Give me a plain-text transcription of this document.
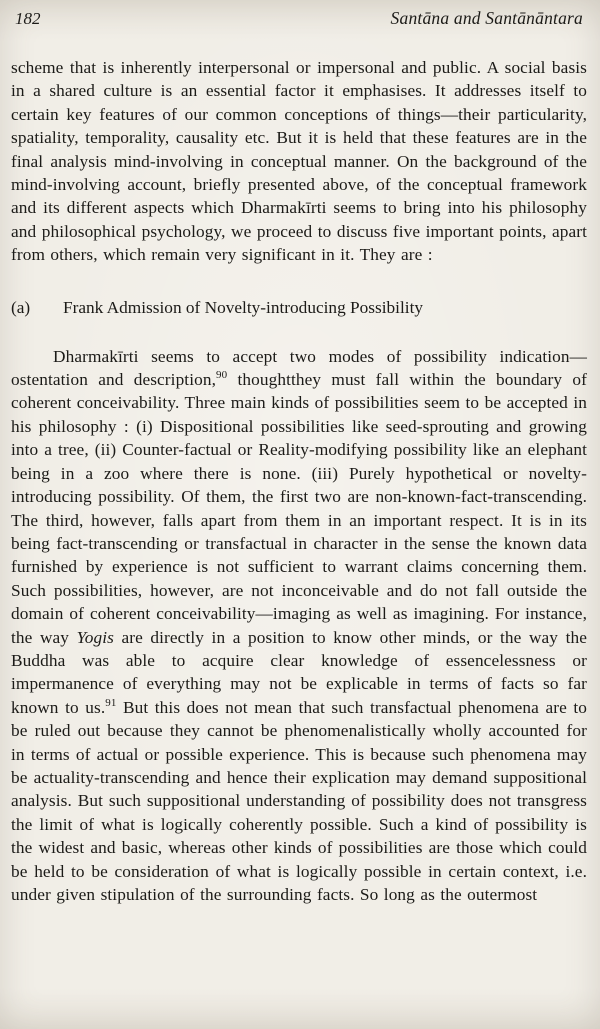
182	Santāna and Santānāntara

scheme that is inherently interpersonal or impersonal and public. A social basis in a shared culture is an essential factor it emphasises. It addresses itself to certain key features of our common conceptions of things—their particularity, spatiality, temporality, causality etc. But it is held that these features are in the final analysis mind-involving in conceptual manner. On the background of the mind-involving account, briefly presented above, of the conceptual framework and its different aspects which Dharmakīrti seems to bring into his philosophy and philosophical psychology, we proceed to discuss five important points, apart from others, which remain very significant in it. They are :

(a) Frank Admission of Novelty-introducing Possibility

Dharmakīrti seems to accept two modes of possibility indication—ostentation and description,$^{90}$ thoughtthey must fall within the boundary of coherent conceivability. Three main kinds of possibilities seem to be accepted in his philosophy : (i) Dispositional possibilities like seed-sprouting and growing into a tree, (ii) Counter-factual or Reality-modifying possibility like an elephant being in a zoo where there is none. (iii) Purely hypothetical or novelty-introducing possibility. Of them, the first two are non-known-fact-transcending. The third, however, falls apart from them in an important respect. It is in its being fact-transcending or transfactual in character in the sense the known data furnished by experience is not sufficient to warrant claims concerning them. Such possibilities, however, are not inconceivable and do not fall outside the domain of coherent conceivability—imaging as well as imagining. For instance, the way Yogis are directly in a position to know other minds, or the way the Buddha was able to acquire clear knowledge of essencelessness or impermanence of everything may not be explicable in terms of facts so far known to us.$^{91}$ But this does not mean that such transfactual phenomena are to be ruled out because they cannot be phenomenalistically wholly accounted for in terms of actual or possible experience. This is because such phenomena may be actuality-transcending and hence their explication may demand suppositional analysis. But such suppositional understanding of possibility does not transgress the limit of what is logically coherently possible. Such a kind of possibility is the widest and basic, whereas other kinds of possibilities are those which could be held to be consideration of what is logically possible in certain context, i.e. under given stipulation of the surrounding facts. So long as the outermost
